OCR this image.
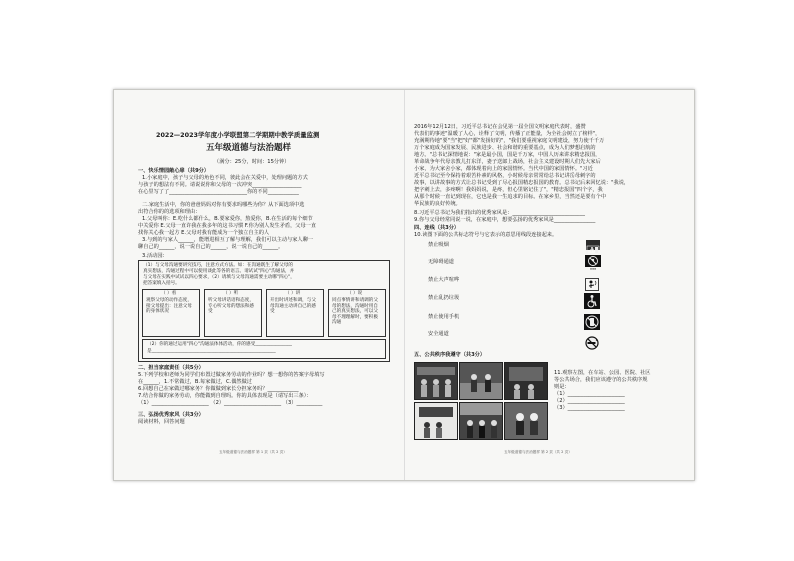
2022—2023学年度小学联盟第二学期期中教学质量监测
五年级道德与法治题样
（满分：25分，时间：15分钟）
一、快乐情园敞心扉（共9分）
1.小家庭中，孩子与父母的角色不同，彼此会在关爱中，处理问题的方式
与孩子的想法有不同。请说说你和父母的一次冲突___________________
在心里写了了______________________________你的不同____________
二.家庭生活中，你的爸爸妈妈对你有要求吗哪些为你？从下面选项中选
出符合你的的选项和理由：
1.父母叫你：E.吃什么都什么，B.要家爱你，熬爱你，B.在生活的每个细节
中关爱你 E.父母一直许我在我多年的这书习惯 F.你为别人发生矛盾，父母一直
找你关心我一起方 E.父母对我有能成为一个独立自主的人
3.与到的与家人______，能增进相互了解与理解，我们可以主动与家人聊一
聊自己的______，说一说自己的______，说一说自己的______。
3.活动园：
（1）与父母沟通要讲究技巧，注意方式方法。如：在沟通既生了解父母的
真实想法，沟通过程中可以使用谈此等各的语言。请试试"四心"沟通法，并
与父母在实践中试试以四心要求，（2）请填与父母沟通需要主动哪"四心"，
把答案填入括号。
（ ）看
观察父母的动作态度，接父母提出：注意父母的身体状况
（ ）听
听父母讲话语和态度，专心听父母的想法和感受
（ ）讲
开出时讲述和调，与父母沟通主动讲自己的感受
（ ）说
同点事情讲和请调的父母的想法，沟通时用自己的真实想法，可以父母不理理解时，要积极沟通
（2）你的通过运用"四心"沟通法体体活动，你的感受________________
是______________________________________________________
二、担当家庭责任（共5分）
5.下列学校和老师为同学们布置过做家务劳动的作业吗？想一想你的答案字母填写
在______，1.不常做过，B.每家做过，C.偶然做过
6.回想自己在家做过哪家务？你做做到家长分担家务吗？____________
7.结合你做的家务劳动，你能做到自理吗。你的具体表现是（请写出三条）：
（1）______________________ （2）______________________ （3）__________
三、弘扬优秀家风（共3分）
阅读材料，回答问题
五年级道德与法治题样 第 1 页（共 2 页）
2016年12月12日，习近平总书记在会见第一届全国文明家庭代表时，盛赞
代表们的事迹"温暖了人心，诠释了文明，传播了正能量，为全社会树立了榜样"，
充满期待地"要"当"把"好"都"发扬好的"，"我们要重视家庭文明建设，努力使千千万
万个家庭成为国家发展、民族进步、社会和谐的重要基点，成为人们梦想启航的
地方。"总书记深情地说："家是最小国，国是千万家，中国人历来讲求精忠报国，
革命战争年代母亲教儿打东洋，妻子送郎上战场，社会主义建设时期人们先大家后
小家，为大家舍小家，都体现着向上的家国情怀。当代中国的家国情怀。"习近
近平总书记至今保持着艰苦朴素的风格，小时候母亲常常给总书记讲岳母刺字的
故事，以讲故事的方式让总书记受到了尽心报国精忠报国的教育。总书记后来回忆说："我说，
把字刺上去，多疼啊！我妈妈说，是疼，但心里铭记住了"，"精忠报国"四个字，我
从那个时候一直记到现在，它也是我一生追求的目标。在家乡里，当然还是要有个中
华民族的良好传统。
8.习近平总书记为我们指出的优秀家风是：____________________________
9.你与父母经常同说一说，在家庭中，想要弘扬的优秀家风是________________
四、连线（共3分）
10.读图下面的公共标志符号与它表示的意思用线段连接起来。
禁止吸烟
无障碍通道
禁止大声喧哗
禁止乱扔垃圾
禁止使用手机
安全通道
▬▬▬
五、公共秩序我遵守（共3分）
11.观察左图，在车站、公园、医院、社区
等公共场合，我们应该遵守的公共秩序规
则是：
（1）______________________
（2）______________________
（3）______________________
五年级道德与法治题样 第 2 页（共 2 页）
